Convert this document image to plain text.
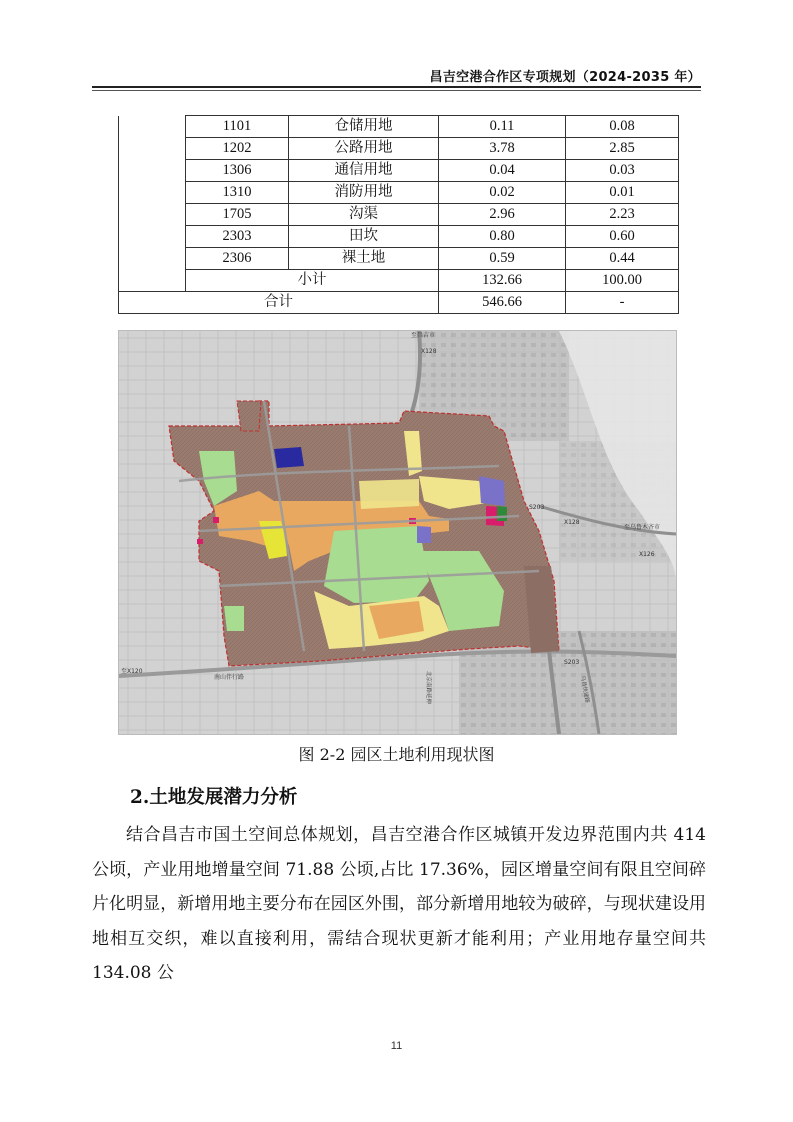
昌吉空港合作区专项规划（2024-2035 年）
	1101	仓储用地	0.11	0.08
	1202	公路用地	3.78	2.85
	1306	通信用地	0.04	0.03
	1310	消防用地	0.02	0.01
	1705	沟渠	2.96	2.23
	2303	田坎	0.80	0.60
	2306	裸土地	0.59	0.44
	小计		132.66	100.00
合计			546.66	-
至昌吉市
X128
S203
X128
至乌鲁木齐市
至X120
南山伴行路
S203
X126
北京南路延伸	乌昌快速路
图 2-2 园区土地利用现状图
2.土地发展潜力分析
结合昌吉市国土空间总体规划，昌吉空港合作区城镇开发边界范围内共 414 公顷，产业用地增量空间 71.88 公顷,占比 17.36%，园区增量空间有限且空间碎片化明显，新增用地主要分布在园区外围，部分新增用地较为破碎，与现状建设用地相互交织，难以直接利用，需结合现状更新才能利用；产业用地存量空间共 134.08 公
11
